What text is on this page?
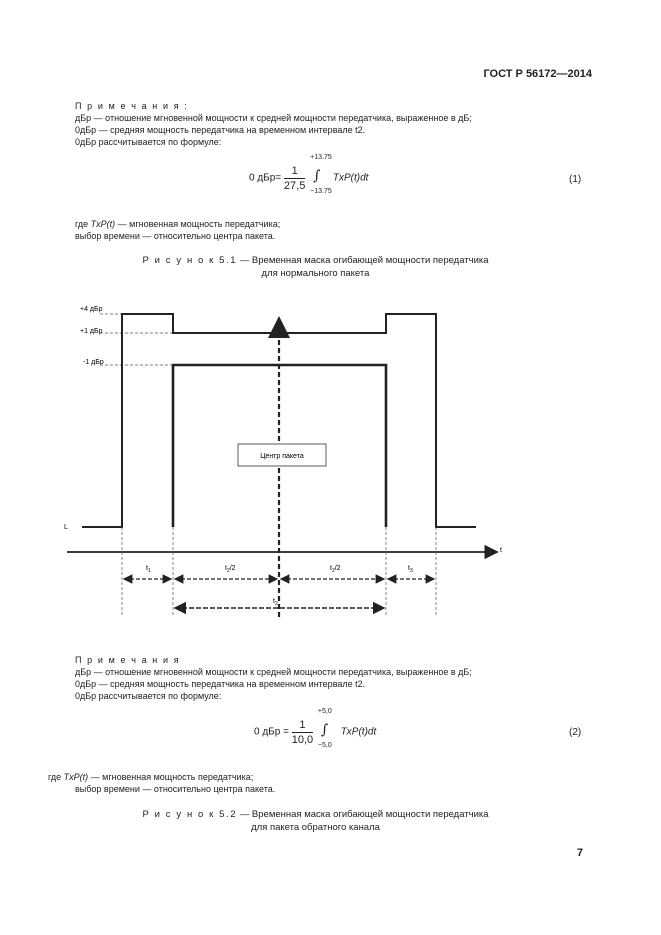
ГОСТ Р 56172—2014
П р и м е ч а н и я :
дБр — отношение мгновенной мощности к средней мощности передатчика, выраженное в дБ;
0дБр — средняя мощность передатчика на временном интервале t2.
0дБр рассчитывается по формуле:
0 $дБр= \frac{1}{27,5}$

+13.75
∫
−13.75
TxP(t)dt	(1)
где TxP(t) — мгновенная мощность передатчика;
выбор времени — относительно центра пакета.
Р и с у н о к 5.1 — Временная маска огибающей мощности передатчика
для нормального пакета
+4 дБр
+1 дБр
-1 дБр
L
t
Центр пакета
$t_1$	$t_2/2$	$t_2/2$	$t_3$
$t_2$
П р и м е ч а н и я
дБр — отношение мгновенной мощности к средней мощности передатчика, выраженное в дБ;
0дБр — средняя мощность передатчика на временном интервале t2.
0дБр рассчитывается по формуле:
0 дБр = $\frac{1}{10,0}$

+5,0
∫
−5,0
TxP(t)dt	(2)
где TxP(t) — мгновенная мощность передатчика;
выбор времени — относительно центра пакета.
Р и с у н о к 5.2 — Временная маска огибающей мощности передатчика
для пакета обратного канала
7
